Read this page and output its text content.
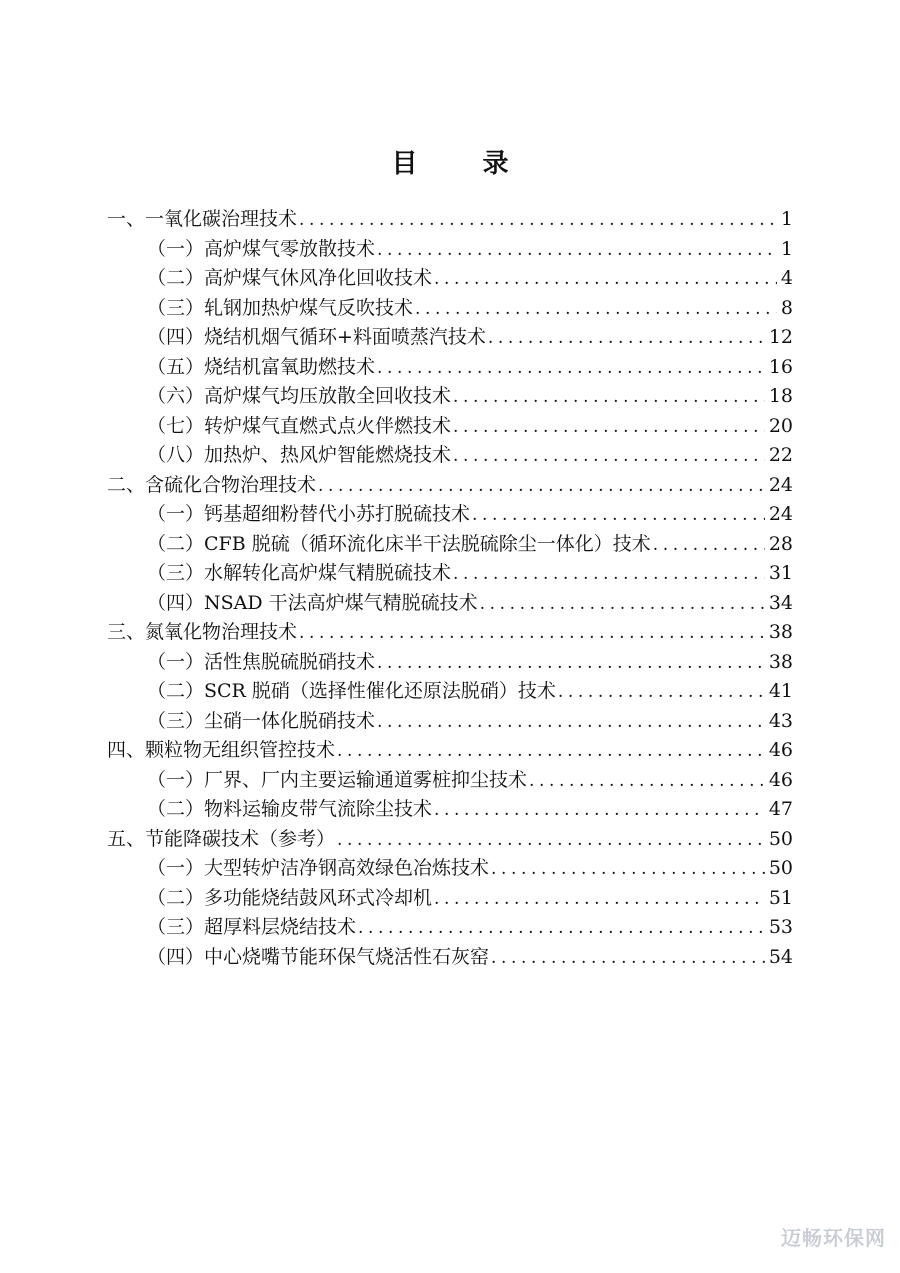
目 录
一、一氧化碳治理技术 .....	1
（一）高炉煤气零放散技术 .....	1
（二）高炉煤气休风净化回收技术 .....	4
（三）轧钢加热炉煤气反吹技术 .....	8
（四）烧结机烟气循环+料面喷蒸汽技术 .....	12
（五）烧结机富氧助燃技术 .....	16
（六）高炉煤气均压放散全回收技术 .....	18
（七）转炉煤气直燃式点火伴燃技术 .....	20
（八）加热炉、热风炉智能燃烧技术 .....	22
二、含硫化合物治理技术 .....	24
（一）钙基超细粉替代小苏打脱硫技术 .....	24
（二）CFB 脱硫（循环流化床半干法脱硫除尘一体化）技术 .....	28
（三）水解转化高炉煤气精脱硫技术 .....	31
（四）NSAD 干法高炉煤气精脱硫技术 .....	34
三、氮氧化物治理技术 .....	38
（一）活性焦脱硫脱硝技术 .....	38
（二）SCR 脱硝（选择性催化还原法脱硝）技术 .....	41
（三）尘硝一体化脱硝技术 .....	43
四、颗粒物无组织管控技术 .....	46
（一）厂界、厂内主要运输通道雾桩抑尘技术 .....	46
（二）物料运输皮带气流除尘技术 .....	47
五、节能降碳技术（参考） .....	50
（一）大型转炉洁净钢高效绿色冶炼技术 .....	50
（二）多功能烧结鼓风环式冷却机 .....	51
（三）超厚料层烧结技术 .....	53
（四）中心烧嘴节能环保气烧活性石灰窑 .....	54
迈畅环保网
